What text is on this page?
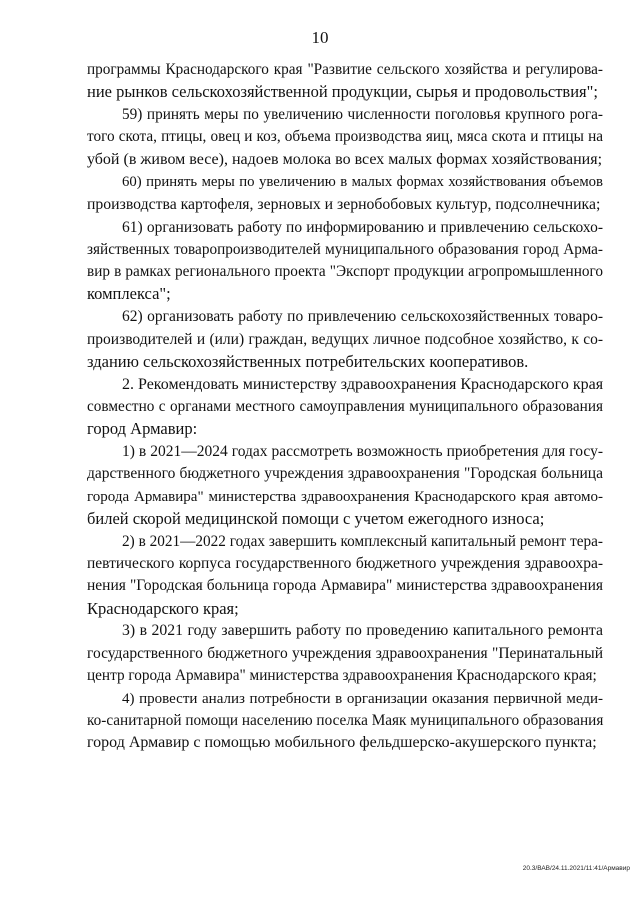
10

программы Краснодарского края "Развитие сельского хозяйства и регулирова-
ние рынков сельскохозяйственной продукции, сырья и продовольствия";

59) принять меры по увеличению численности поголовья крупного рога-
того скота, птицы, овец и коз, объема производства яиц, мяса скота и птицы на
убой (в живом весе), надоев молока во всех малых формах хозяйствования;

60) принять меры по увеличению в малых формах хозяйствования объемов
производства картофеля, зерновых и зернобобовых культур, подсолнечника;

61) организовать работу по информированию и привлечению сельскохо-
зяйственных товаропроизводителей муниципального образования город Арма-
вир в рамках регионального проекта "Экспорт продукции агропромышленного
комплекса";

62) организовать работу по привлечению сельскохозяйственных товаро-
производителей и (или) граждан, ведущих личное подсобное хозяйство, к со-
зданию сельскохозяйственных потребительских кооперативов.

2. Рекомендовать министерству здравоохранения Краснодарского края
совместно с органами местного самоуправления муниципального образования
город Армавир:

1) в 2021—2024 годах рассмотреть возможность приобретения для госу-
дарственного бюджетного учреждения здравоохранения "Городская больница
города Армавира" министерства здравоохранения Краснодарского края автомо-
билей скорой медицинской помощи с учетом ежегодного износа;

2) в 2021—2022 годах завершить комплексный капитальный ремонт тера-
певтического корпуса государственного бюджетного учреждения здравоохра-
нения "Городская больница города Армавира" министерства здравоохранения
Краснодарского края;

3) в 2021 году завершить работу по проведению капитального ремонта
государственного бюджетного учреждения здравоохранения "Перинатальный
центр города Армавира" министерства здравоохранения Краснодарского края;

4) провести анализ потребности в организации оказания первичной меди-
ко-санитарной помощи населению поселка Маяк муниципального образования
город Армавир с помощью мобильного фельдшерско-акушерского пункта;

20.3/ВАВ/24.11.2021/11:41/Армавир
